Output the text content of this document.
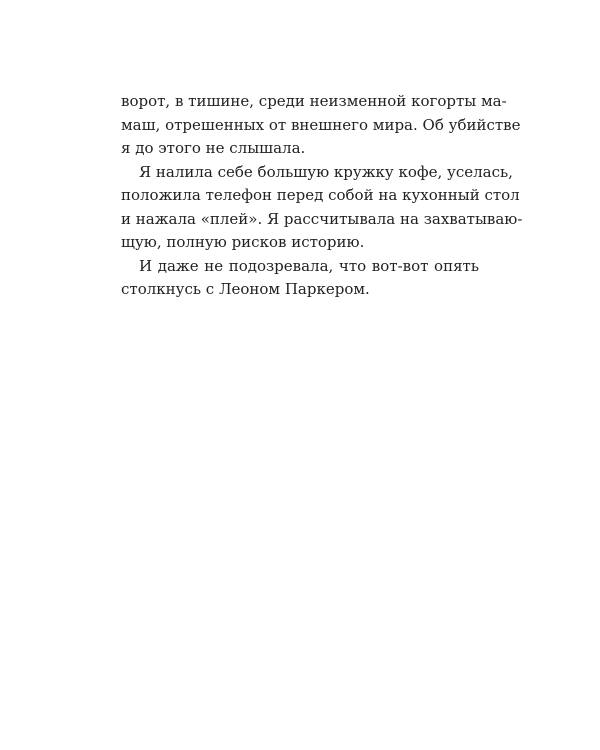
ворот, в тишине, среди неизменной когорты ма-
маш, отрешенных от внешнего мира. Об убийстве
я до этого не слышала.
Я налила себе большую кружку кофе, уселась,
положила телефон перед собой на кухонный стол
и нажала «плей». Я рассчитывала на захватываю-
щую, полную рисков историю.
И даже не подозревала, что вот-вот опять
столкнусь с Леоном Паркером.
